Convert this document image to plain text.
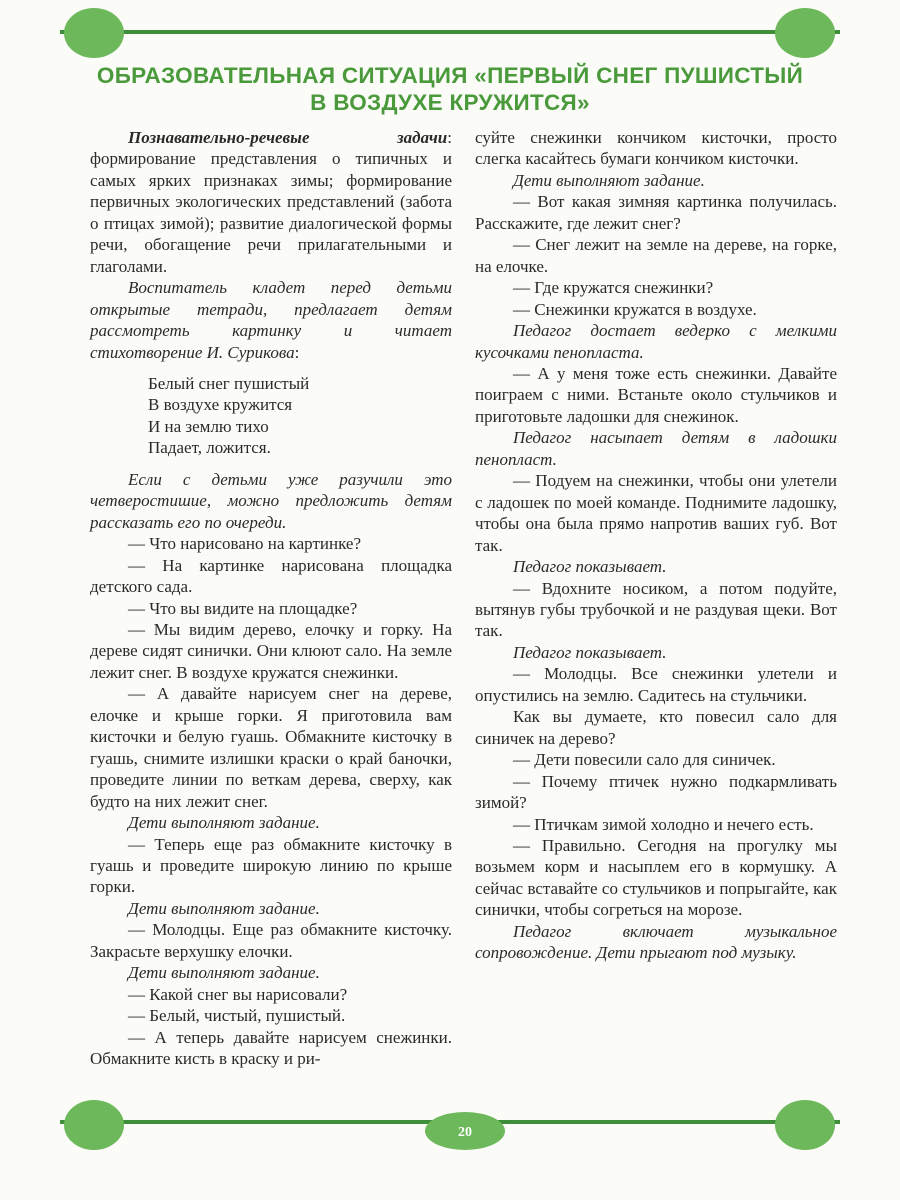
ОБРАЗОВАТЕЛЬНАЯ СИТУАЦИЯ «ПЕРВЫЙ СНЕГ ПУШИСТЫЙ
В ВОЗДУХЕ КРУЖИТСЯ»

Познавательно-речевые задачи: формирование представления о типичных и самых ярких признаках зимы; формирование первичных экологических представлений (забота о птицах зимой); развитие диалогической формы речи, обогащение речи прилагательными и глаголами.

Воспитатель кладет перед детьми открытые тетради, предлагает детям рассмотреть картинку и читает стихотворение И. Сурикова:

Белый снег пушистый
В воздухе кружится
И на землю тихо
Падает, ложится.

Если с детьми уже разучили это четверостишие, можно предложить детям рассказать его по очереди.

— Что нарисовано на картинке?

— На картинке нарисована площадка детского сада.

— Что вы видите на площадке?

— Мы видим дерево, елочку и горку. На дереве сидят синички. Они клюют сало. На земле лежит снег. В воздухе кружатся снежинки.

— А давайте нарисуем снег на дереве, елочке и крыше горки. Я приготовила вам кисточки и белую гуашь. Обмакните кисточку в гуашь, снимите излишки краски о край баночки, проведите линии по веткам дерева, сверху, как будто на них лежит снег.

Дети выполняют задание.

— Теперь еще раз обмакните кисточку в гуашь и проведите широкую линию по крыше горки.

Дети выполняют задание.

— Молодцы. Еще раз обмакните кисточку. Закрасьте верхушку елочки.

Дети выполняют задание.

— Какой снег вы нарисовали?

— Белый, чистый, пушистый.

— А теперь давайте нарисуем снежинки. Обмакните кисть в краску и ри-

суйте снежинки кончиком кисточки, просто слегка касайтесь бумаги кончиком кисточки.

Дети выполняют задание.

— Вот какая зимняя картинка получилась. Расскажите, где лежит снег?

— Снег лежит на земле на дереве, на горке, на елочке.

— Где кружатся снежинки?

— Снежинки кружатся в воздухе.

Педагог достает ведерко с мелкими кусочками пенопласта.

— А у меня тоже есть снежинки. Давайте поиграем с ними. Встаньте около стульчиков и приготовьте ладошки для снежинок.

Педагог насыпает детям в ладошки пенопласт.

— Подуем на снежинки, чтобы они улетели с ладошек по моей команде. Поднимите ладошку, чтобы она была прямо напротив ваших губ. Вот так.

Педагог показывает.

— Вдохните носиком, а потом подуйте, вытянув губы трубочкой и не раздувая щеки. Вот так.

Педагог показывает.

— Молодцы. Все снежинки улетели и опустились на землю. Садитесь на стульчики.

Как вы думаете, кто повесил сало для синичек на дерево?

— Дети повесили сало для синичек.

— Почему птичек нужно подкармливать зимой?

— Птичкам зимой холодно и нечего есть.

— Правильно. Сегодня на прогулку мы возьмем корм и насыплем его в кормушку. А сейчас вставайте со стульчиков и попрыгайте, как синички, чтобы согреться на морозе.

Педагог включает музыкальное сопровождение. Дети прыгают под музыку.

20
